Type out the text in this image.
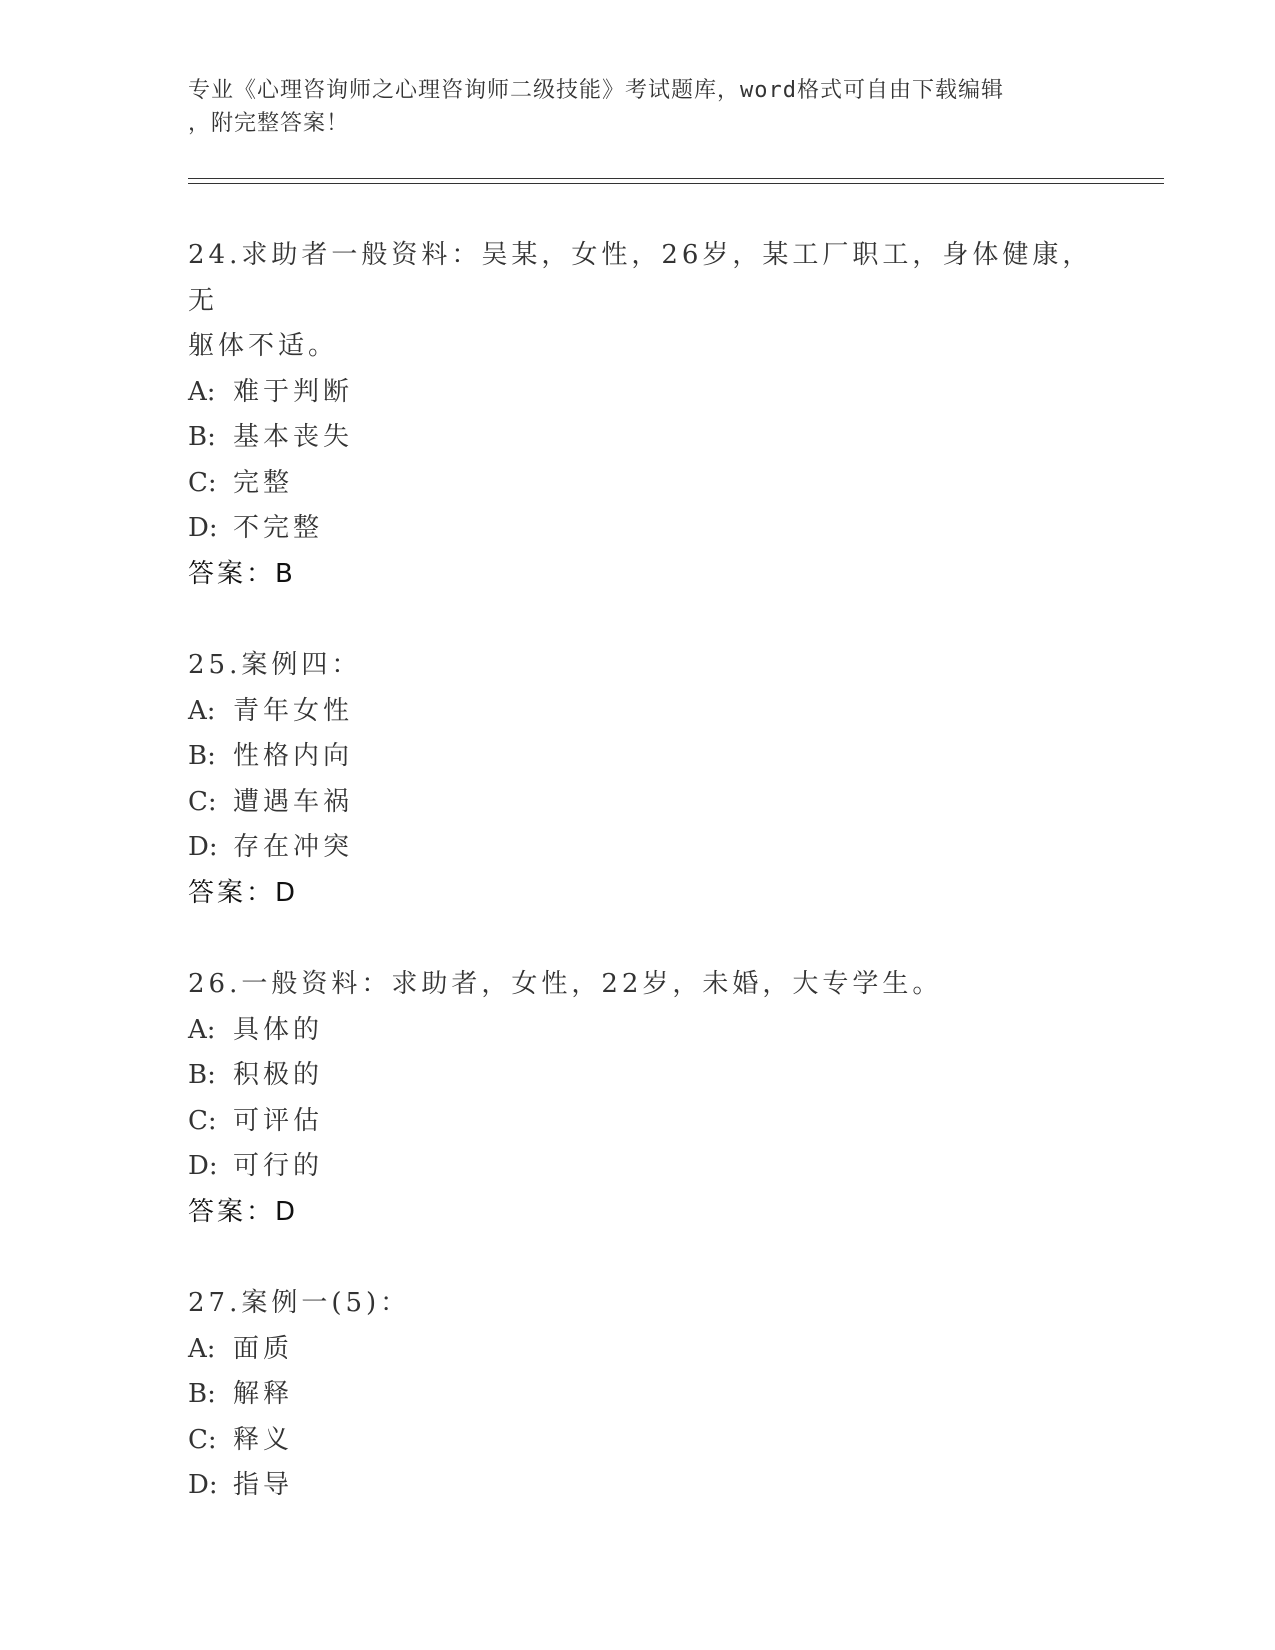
专业《心理咨询师之心理咨询师二级技能》考试题库，word格式可自由下载编辑
，附完整答案！
24.求助者一般资料：吴某，女性，26岁，某工厂职工，身体健康，无
躯体不适。
A: 难于判断
B: 基本丧失
C: 完整
D: 不完整
答案：B
25.案例四：
A: 青年女性
B: 性格内向
C: 遭遇车祸
D: 存在冲突
答案：D
26.一般资料：求助者，女性，22岁，未婚，大专学生。
A: 具体的
B: 积极的
C: 可评估
D: 可行的
答案：D
27.案例一(5)：
A: 面质
B: 解释
C: 释义
D: 指导
